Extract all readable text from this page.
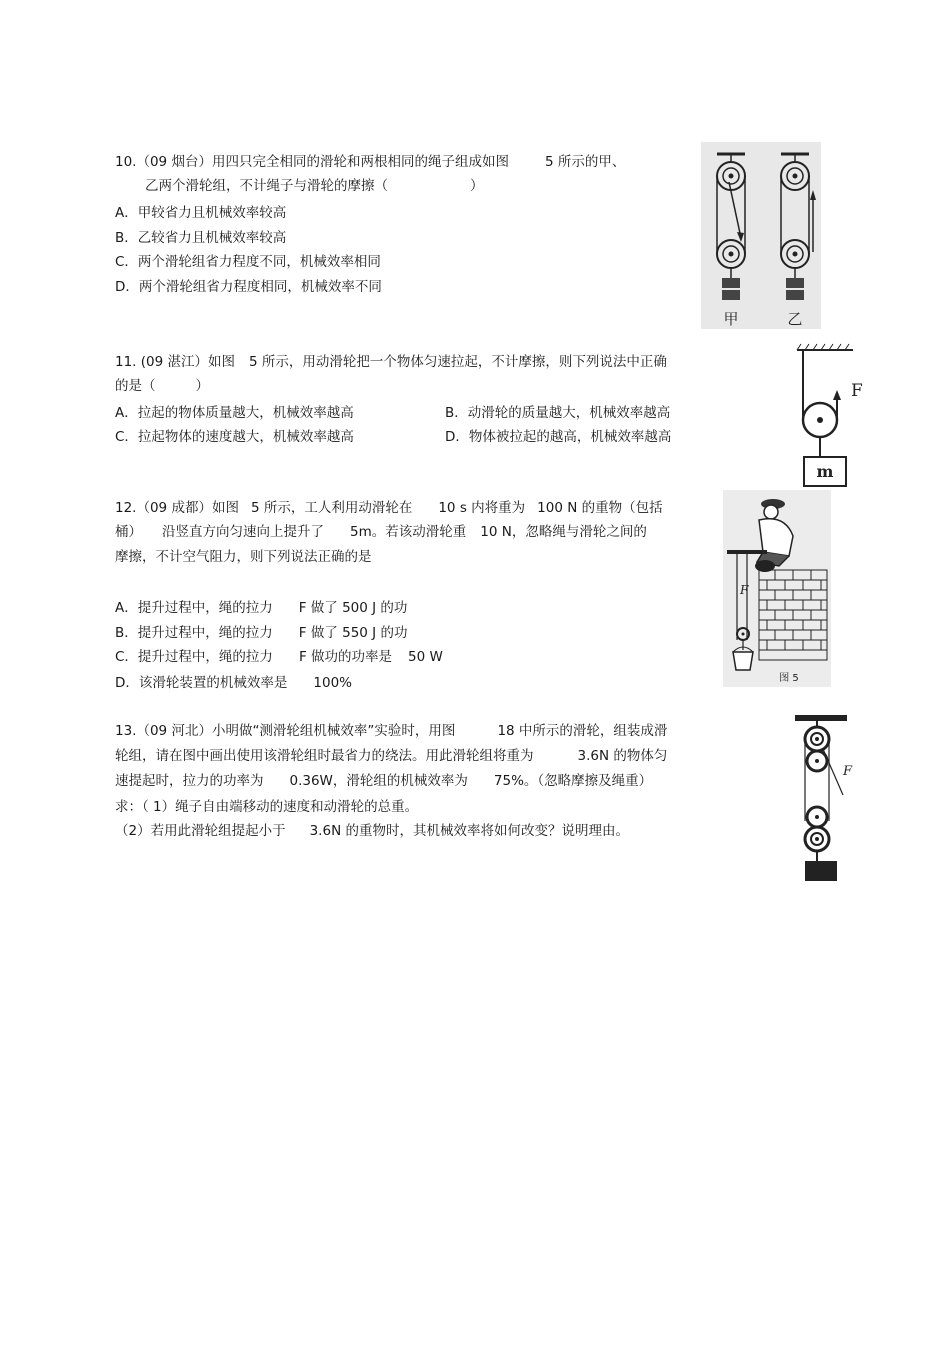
10.（09 烟台）用四只完全相同的滑轮和两根相同的绳子组成如图	5 所示的甲、
乙两个滑轮组，不计绳子与滑轮的摩擦（	）
A．甲较省力且机械效率较高
B．乙较省力且机械效率较高
C．两个滑轮组省力程度不同，机械效率相同
D．两个滑轮组省力程度相同，机械效率不同
甲	乙
11. (09 湛江）如图 5 所示，用动滑轮把一个物体匀速拉起，不计摩擦，则下列说法中正确
的是（	）
A．拉起的物体质量越大，机械效率越高	B．动滑轮的质量越大，机械效率越高
C．拉起物体的速度越大，机械效率越高	D．物体被拉起的越高，机械效率越高
F
m
12.（09 成都）如图 5 所示，工人利用动滑轮在 10 s 内将重为 100 N 的重物（包括
桶） 沿竖直方向匀速向上提升了 5m。若该动滑轮重 10 N，忽略绳与滑轮之间的
摩擦，不计空气阻力，则下列说法正确的是
A．提升过程中，绳的拉力 F 做了 500 J 的功
B．提升过程中，绳的拉力 F 做了 550 J 的功
C．提升过程中，绳的拉力 F 做功的功率是 50 W
D．该滑轮装置的机械效率是 100%
F
图 5
13.（09 河北）小明做“测滑轮组机械效率”实验时，用图	18 中所示的滑轮，组装成滑
轮组，请在图中画出使用该滑轮组时最省力的绕法。用此滑轮组将重为	3.6N 的物体匀
速提起时，拉力的功率为 0.36W，滑轮组的机械效率为 75%。（忽略摩擦及绳重）
求：（ 1）绳子自由端移动的速度和动滑轮的总重。
（2）若用此滑轮组提起小于 3.6N 的重物时，其机械效率将如何改变？说明理由。
F
